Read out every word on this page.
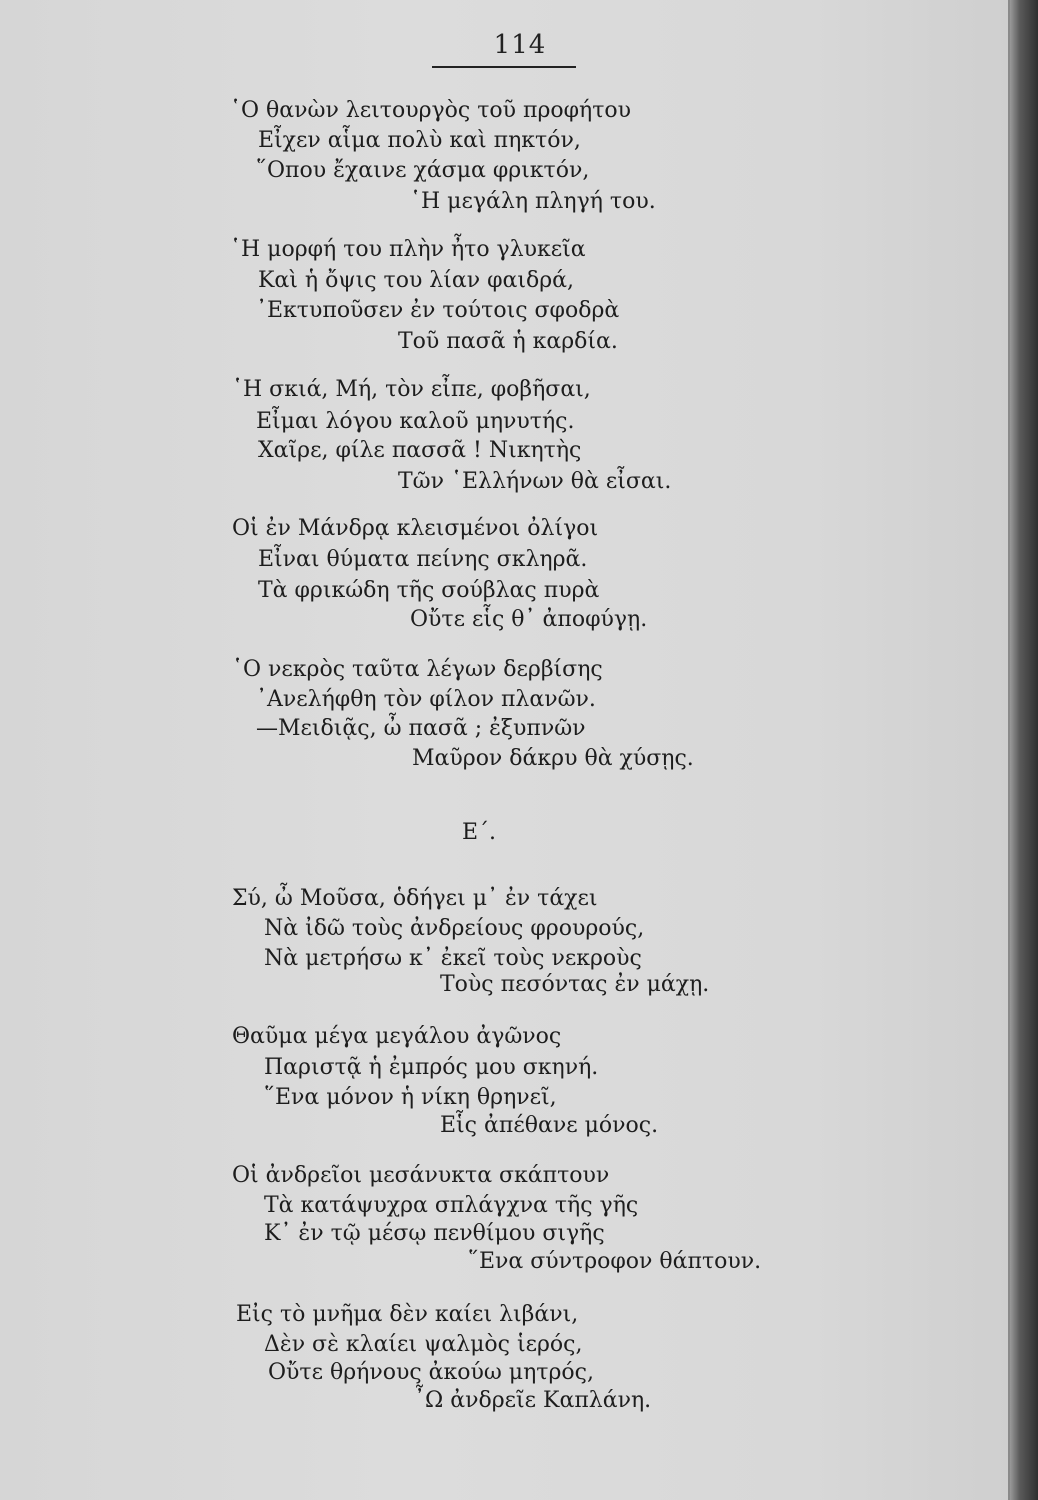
114
῾Ο θανὼν λειτουργὸς τοῦ προφήτου
Εἶχεν αἷμα πολὺ καὶ πηκτόν,
῞Οπου ἔχαινε χάσμα φρικτόν,
῾Η μεγάλη πληγή του.
῾Η μορφή του πλὴν ἦτο γλυκεῖα
Καὶ ἡ ὄψις του λίαν φαιδρά,
᾿Εκτυποῦσεν ἐν τούτοις σφοδρὰ
Τοῦ πασᾶ ἡ καρδία.
῾Η σκιά, Μή, τὸν εἶπε, φοβῆσαι,
Εἶμαι λόγου καλοῦ μηνυτής.
Χαῖρε, φίλε πασσᾶ ! Νικητὴς
Τῶν ῾Ελλήνων θὰ εἶσαι.
Οἱ ἐν Μάνδρᾳ κλεισμένοι ὀλίγοι
Εἶναι θύματα πείνης σκληρᾶ.
Τὰ φρικώδη τῆς σούβλας πυρὰ
Οὔτε εἷς θ᾿ ἀποφύγῃ.
῾Ο νεκρὸς ταῦτα λέγων δερβίσης
᾿Ανελήφθη τὸν φίλον πλανῶν.
—Μειδιᾷς, ὦ πασᾶ ; ἐξυπνῶν
Μαῦρον δάκρυ θὰ χύσῃς.
Ε΄.
Σύ, ὦ Μοῦσα, ὁδήγει μ᾿ ἐν τάχει
Νὰ ἰδῶ τοὺς ἀνδρείους φρουρούς,
Νὰ μετρήσω κ᾿ ἐκεῖ τοὺς νεκροὺς
Τοὺς πεσόντας ἐν μάχῃ.
Θαῦμα μέγα μεγάλου ἀγῶνος
Παριστᾷ ἡ ἐμπρός μου σκηνή.
῞Ενα μόνον ἡ νίκη θρηνεῖ,
Εἷς ἀπέθανε μόνος.
Οἱ ἀνδρεῖοι μεσάνυκτα σκάπτουν
Τὰ κατάψυχρα σπλάγχνα τῆς γῆς
Κ᾿ ἐν τῷ μέσῳ πενθίμου σιγῆς
῞Ενα σύντροφον θάπτουν.
Εἰς τὸ μνῆμα δὲν καίει λιβάνι,
Δὲν σὲ κλαίει ψαλμὸς ἱερός,
Οὔτε θρήνους ἀκούω μητρός,
῏Ω ἀνδρεῖε Καπλάνη.
